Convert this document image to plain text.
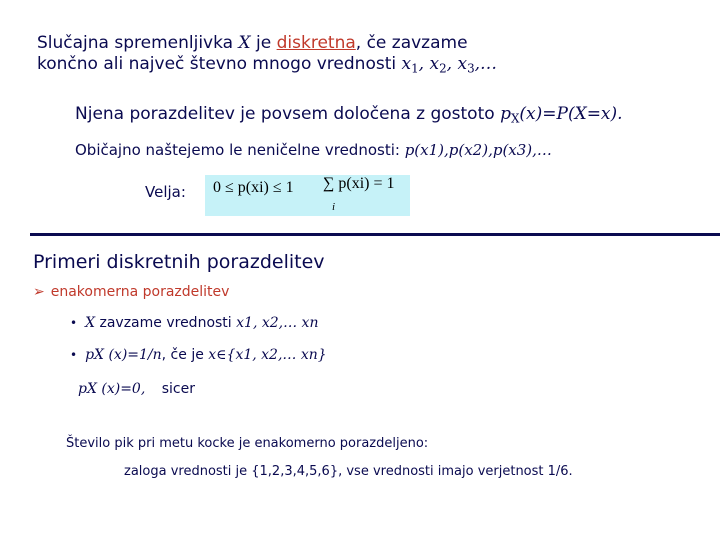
Slučajna spremenljivka X je diskretna, če zavzame
končno ali največ števno mnogo vrednosti $x_1$, $x_2$, $x_3,\dots$
Njena porazdelitev je povsem določena z gostoto $p_X(x)=P(X=x)$.
Običajno naštejemo le neničelne vrednosti: p(x1),p(x2),p(x3),…
Velja: 0 ≤ p(xi) ≤ 1 ∑ p(xi) = 1
i
Primeri diskretnih porazdelitev
➢ enakomerna porazdelitev
• X zavzame vrednosti x1, x2,… xn
• pX (x)=1/n, če je x∈{x1, x2,… xn}
pX (x)=0, sicer
Število pik pri metu kocke je enakomerno porazdeljeno:
zaloga vrednosti je {1,2,3,4,5,6}, vse vrednosti imajo verjetnost 1/6.
